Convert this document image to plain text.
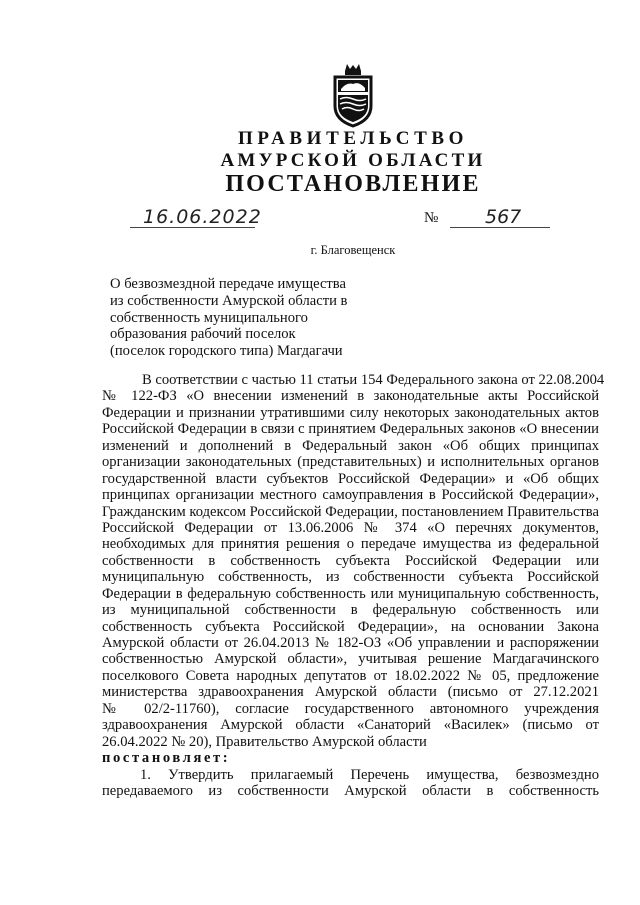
ПРАВИТЕЛЬСТВО
АМУРСКОЙ ОБЛАСТИ
ПОСТАНОВЛЕНИЕ
16.06.2022	№ 567
г. Благовещенск
О безвозмездной передаче имущества
из собственности Амурской области в
собственность муниципального
образования рабочий поселок
(поселок городского типа) Магдагачи
В соответствии с частью 11 статьи 154 Федерального закона от 22.08.2004
№ 122-ФЗ «О внесении изменений в законодательные акты Российской
Федерации и признании утратившими силу некоторых законодательных актов
Российской Федерации в связи с принятием Федеральных законов «О внесении
изменений и дополнений в Федеральный закон «Об общих принципах
организации законодательных (представительных) и исполнительных органов
государственной власти субъектов Российской Федерации» и «Об общих
принципах организации местного самоуправления в Российской Федерации»,
Гражданским кодексом Российской Федерации, постановлением Правительства
Российской Федерации от 13.06.2006 № 374 «О перечнях документов,
необходимых для принятия решения о передаче имущества из федеральной
собственности в собственность субъекта Российской Федерации или
муниципальную собственность, из собственности субъекта Российской
Федерации в федеральную собственность или муниципальную собственность,
из муниципальной собственности в федеральную собственность или
собственность субъекта Российской Федерации», на основании Закона
Амурской области от 26.04.2013 № 182-ОЗ «Об управлении и распоряжении
собственностью Амурской области», учитывая решение Магдагачинского
поселкового Совета народных депутатов от 18.02.2022 № 05, предложение
министерства здравоохранения Амурской области (письмо от 27.12.2021
№ 02/2-11760), согласие государственного автономного учреждения
здравоохранения Амурской области «Санаторий «Василек» (письмо от
26.04.2022 № 20), Правительство Амурской области
постановляет:
1. Утвердить прилагаемый Перечень имущества, безвозмездно
передаваемого из собственности Амурской области в собственность
